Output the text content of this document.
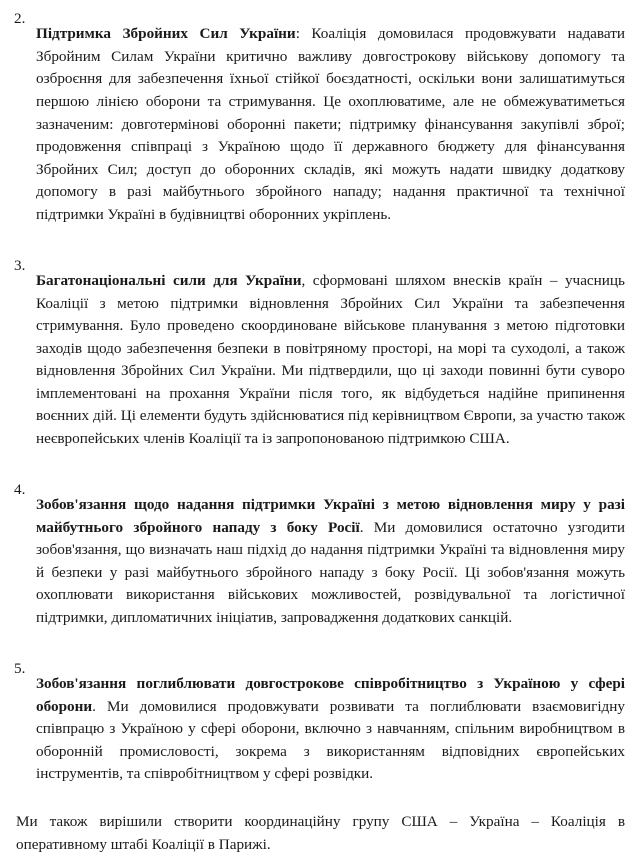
2.

Підтримка Збройних Сил України: Коаліція домовилася продовжувати надавати Збройним Силам України критично важливу довгострокову військову допомогу та озброєння для забезпечення їхньої стійкої боєздатності, оскільки вони залишатимуться першою лінією оборони та стримування. Це охоплюватиме, але не обмежуватиметься зазначеним: довготермінові оборонні пакети; підтримку фінансування закупівлі зброї; продовження співпраці з Україною щодо її державного бюджету для фінансування Збройних Сил; доступ до оборонних складів, які можуть надати швидку додаткову допомогу в разі майбутнього збройного нападу; надання практичної та технічної підтримки Україні в будівництві оборонних укріплень.

3.

Багатонаціональні сили для України, сформовані шляхом внесків країн – учасниць Коаліції з метою підтримки відновлення Збройних Сил України та забезпечення стримування. Було проведено скоординоване військове планування з метою підготовки заходів щодо забезпечення безпеки в повітряному просторі, на морі та суходолі, а також відновлення Збройних Сил України. Ми підтвердили, що ці заходи повинні бути суворо імплементовані на прохання України після того, як відбудеться надійне припинення воєнних дій. Ці елементи будуть здійснюватися під керівництвом Європи, за участю також неєвропейських членів Коаліції та із запропонованою підтримкою США.

4.

Зобов'язання щодо надання підтримки Україні з метою відновлення миру у разі майбутнього збройного нападу з боку Росії. Ми домовилися остаточно узгодити зобов'язання, що визначать наш підхід до надання підтримки Україні та відновлення миру й безпеки у разі майбутнього збройного нападу з боку Росії. Ці зобов'язання можуть охоплювати використання військових можливостей, розвідувальної та логістичної підтримки, дипломатичних ініціатив, запровадження додаткових санкцій.

5.

Зобов'язання поглиблювати довгострокове співробітництво з Україною у сфері оборони. Ми домовилися продовжувати розвивати та поглиблювати взаємовигідну співпрацю з Україною у сфері оборони, включно з навчанням, спільним виробництвом в оборонній промисловості, зокрема з використанням відповідних європейських інструментів, та співробітництвом у сфері розвідки.

Ми також вирішили створити координаційну групу США – Україна – Коаліція в оперативному штабі Коаліції в Парижі.
